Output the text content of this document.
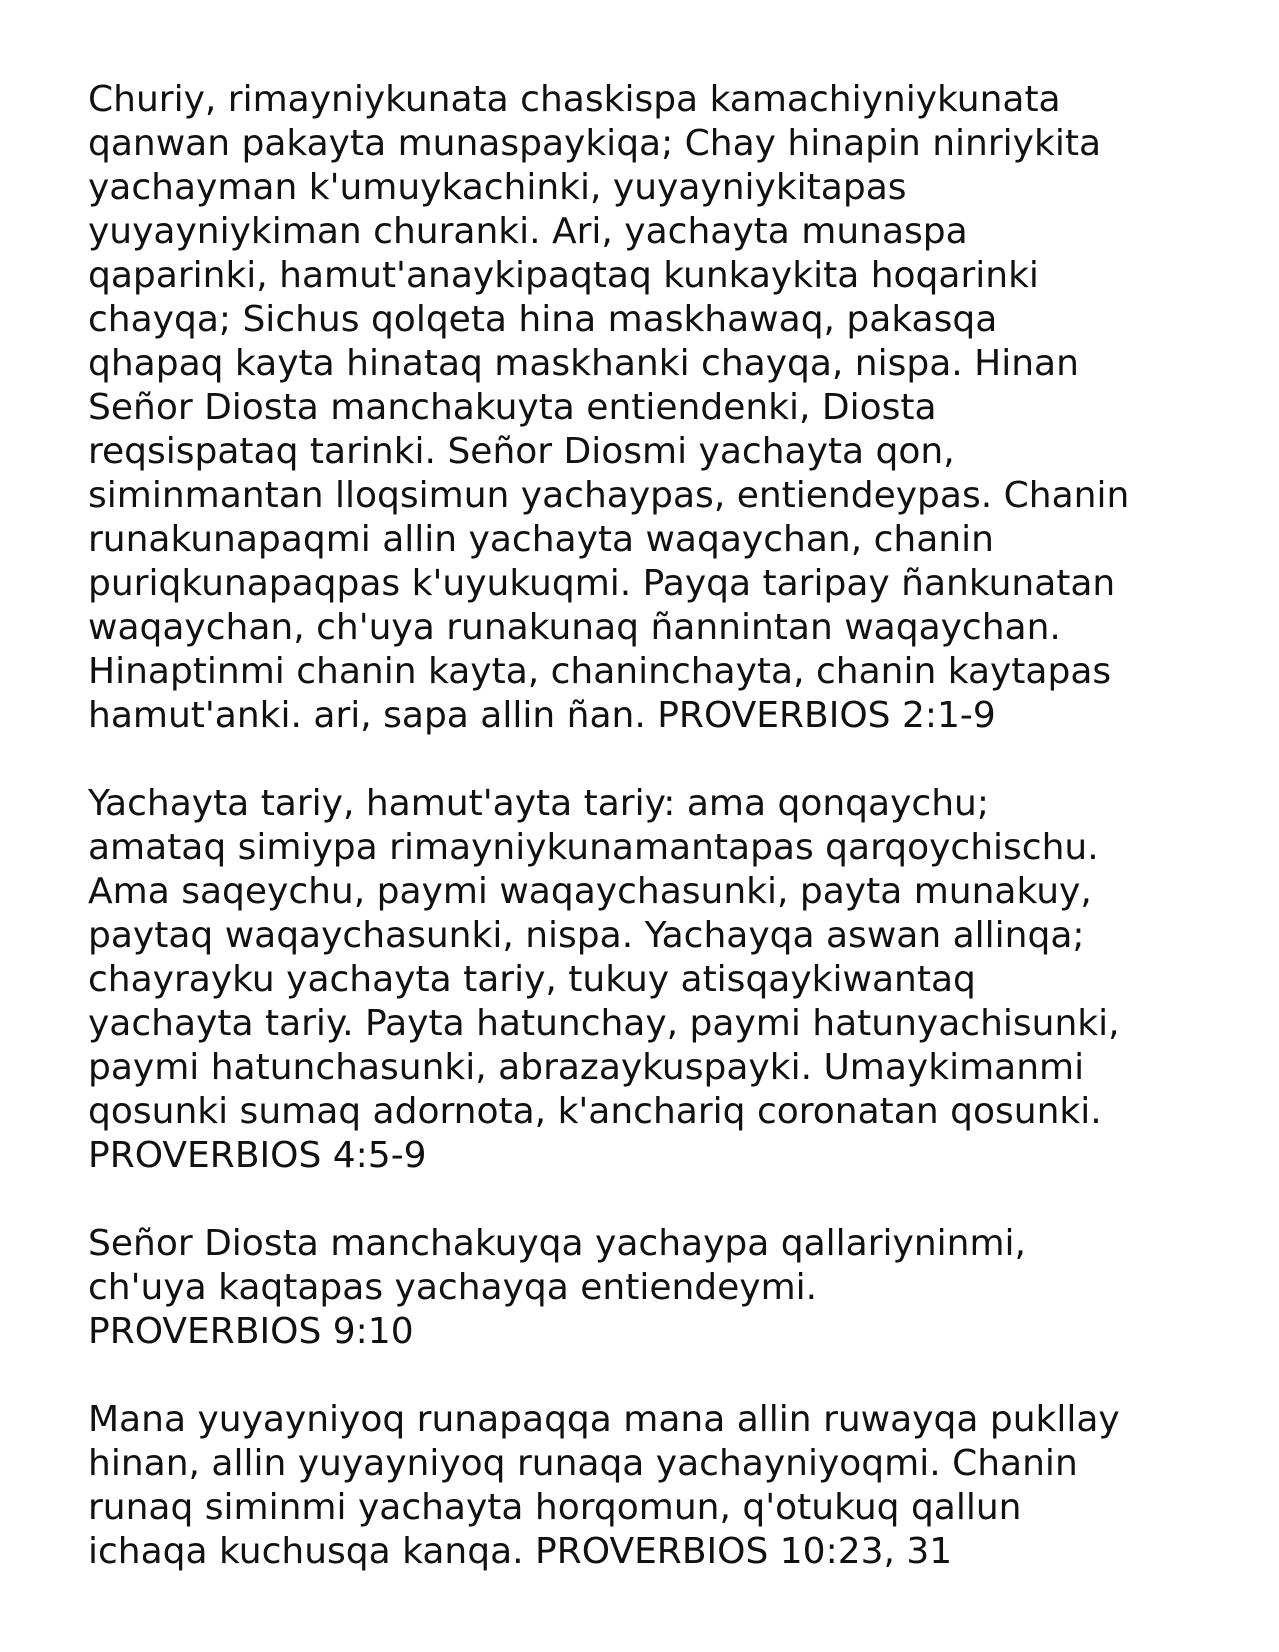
Churiy, rimayniykunata chaskispa kamachiyniykunata
qanwan pakayta munaspaykiqa; Chay hinapin ninriykita
yachayman k'umuykachinki, yuyayniykitapas
yuyayniykiman churanki. Ari, yachayta munaspa
qaparinki, hamut'anaykipaqtaq kunkaykita hoqarinki
chayqa; Sichus qolqeta hina maskhawaq, pakasqa
qhapaq kayta hinataq maskhanki chayqa, nispa. Hinan
Señor Diosta manchakuyta entiendenki, Diosta
reqsispataq tarinki. Señor Diosmi yachayta qon,
siminmantan lloqsimun yachaypas, entiendeypas. Chanin
runakunapaqmi allin yachayta waqaychan, chanin
puriqkunapaqpas k'uyukuqmi. Payqa taripay ñankunatan
waqaychan, ch'uya runakunaq ñannintan waqaychan.
Hinaptinmi chanin kayta, chaninchayta, chanin kaytapas
hamut'anki. ari, sapa allin ñan. PROVERBIOS 2:1-9
Yachayta tariy, hamut'ayta tariy: ama qonqaychu;
amataq simiypa rimayniykunamantapas qarqoychischu.
Ama saqeychu, paymi waqaychasunki, payta munakuy,
paytaq waqaychasunki, nispa. Yachayqa aswan allinqa;
chayrayku yachayta tariy, tukuy atisqaykiwantaq
yachayta tariy. Payta hatunchay, paymi hatunyachisunki,
paymi hatunchasunki, abrazaykuspayki. Umaykimanmi
qosunki sumaq adornota, k'anchariq coronatan qosunki.
PROVERBIOS 4:5-9
Señor Diosta manchakuyqa yachaypa qallariyninmi,
ch'uya kaqtapas yachayqa entiendeymi.
PROVERBIOS 9:10
Mana yuyayniyoq runapaqqa mana allin ruwayqa pukllay
hinan, allin yuyayniyoq runaqa yachayniyoqmi. Chanin
runaq siminmi yachayta horqomun, q'otukuq qallun
ichaqa kuchusqa kanqa. PROVERBIOS 10:23, 31
